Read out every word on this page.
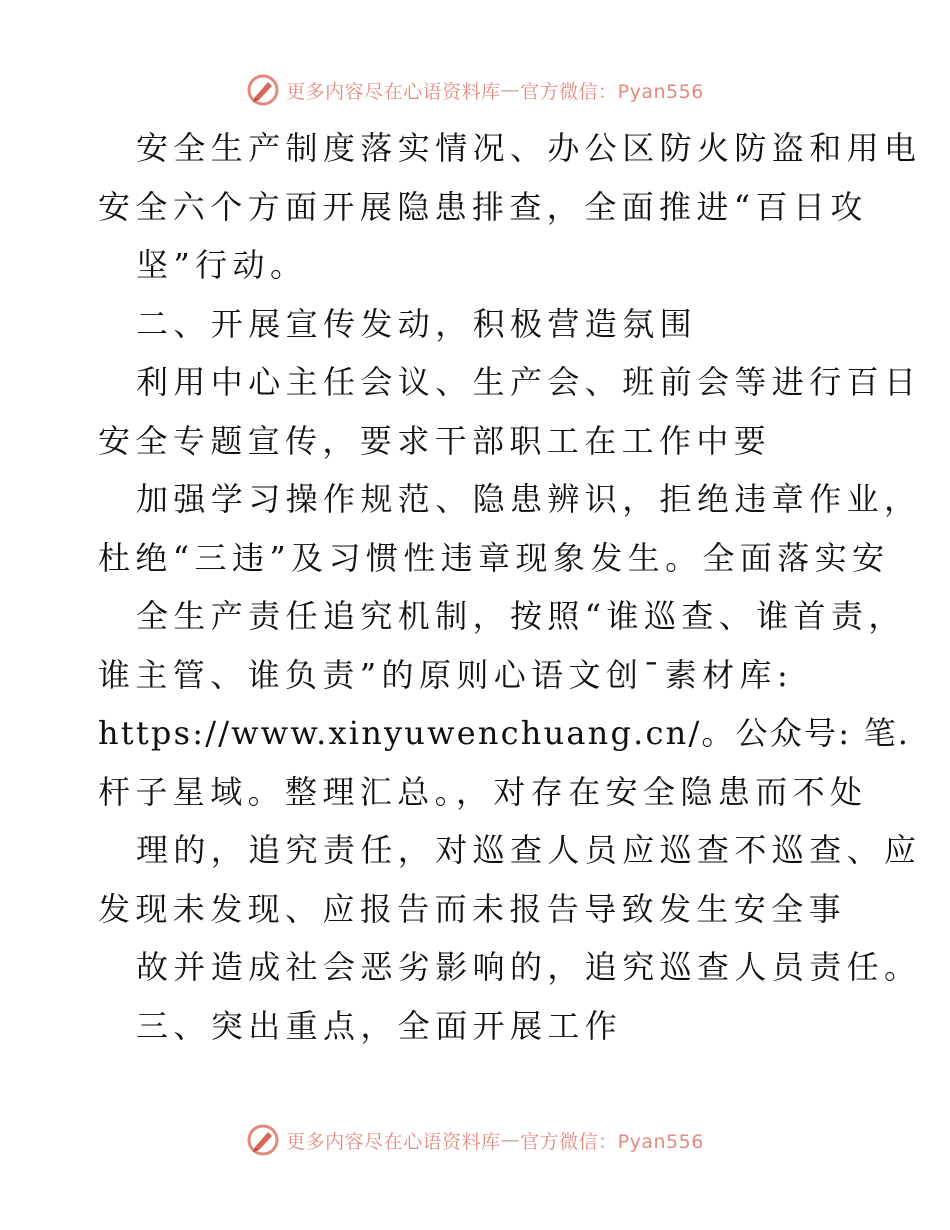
更多内容尽在心语资料库 — 官方微信：Pyan556
安全生产制度落实情况、办公区防火防盗和用电
安全六个方面开展隐患排查，全面推进“百日攻
坚”行动。
二、开展宣传发动，积极营造氛围
利用中心主任会议、生产会、班前会等进行百日
安全专题宣传，要求干部职工在工作中要
加强学习操作规范、隐患辨识，拒绝违章作业，
杜绝“三违”及习惯性违章现象发生。全面落实安
全生产责任追究机制，按照“谁巡查、谁首责，
谁主管、谁负责”的原则心语文创¯素材库:
https://www.xinyuwenchuang.cn/。公众号: 笔.
杆子星域。整理汇总。，对存在安全隐患而不处
理的，追究责任，对巡查人员应巡查不巡查、应
发现未发现、应报告而未报告导致发生安全事
故并造成社会恶劣影响的，追究巡查人员责任。
三、突出重点，全面开展工作
更多内容尽在心语资料库 — 官方微信：Pyan556
